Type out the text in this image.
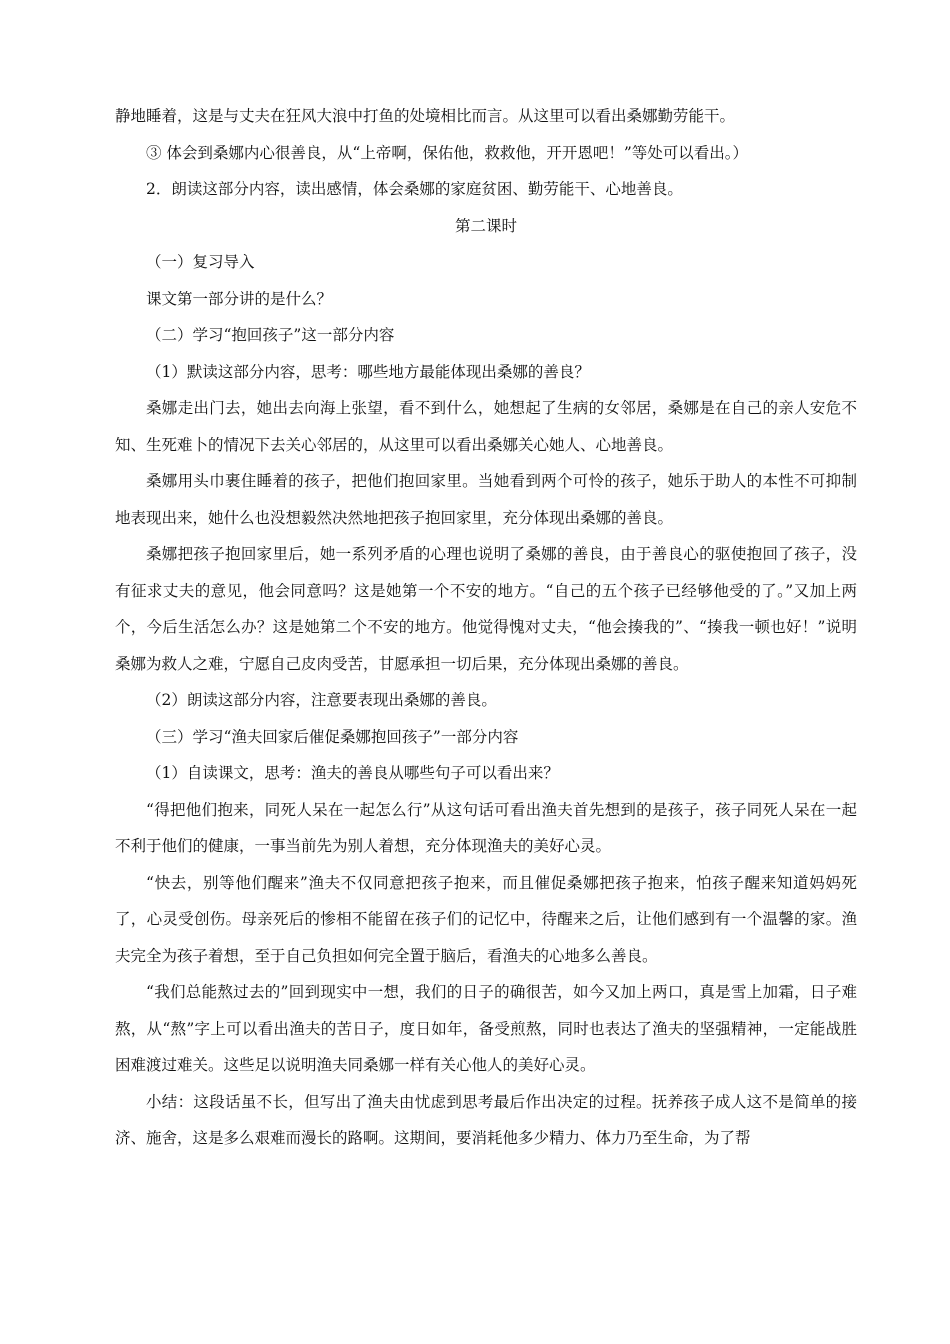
静地睡着，这是与丈夫在狂风大浪中打鱼的处境相比而言。从这里可以看出桑娜勤劳能干。

③ 体会到桑娜内心很善良，从“上帝啊，保佑他，救救他，开开恩吧！”等处可以看出。）

2．朗读这部分内容，读出感情，体会桑娜的家庭贫困、勤劳能干、心地善良。

第二课时

（一）复习导入

课文第一部分讲的是什么？

（二）学习“抱回孩子”这一部分内容

（1）默读这部分内容，思考：哪些地方最能体现出桑娜的善良？

桑娜走出门去，她出去向海上张望，看不到什么，她想起了生病的女邻居，桑娜是在自己的亲人安危不知、生死难卜的情况下去关心邻居的，从这里可以看出桑娜关心她人、心地善良。

桑娜用头巾裹住睡着的孩子，把他们抱回家里。当她看到两个可怜的孩子，她乐于助人的本性不可抑制地表现出来，她什么也没想毅然决然地把孩子抱回家里，充分体现出桑娜的善良。

桑娜把孩子抱回家里后，她一系列矛盾的心理也说明了桑娜的善良，由于善良心的驱使抱回了孩子，没有征求丈夫的意见，他会同意吗？这是她第一个不安的地方。“自己的五个孩子已经够他受的了。”又加上两个，今后生活怎么办？这是她第二个不安的地方。他觉得愧对丈夫，“他会揍我的”、“揍我一顿也好！”说明桑娜为救人之难，宁愿自己皮肉受苦，甘愿承担一切后果，充分体现出桑娜的善良。

（2）朗读这部分内容，注意要表现出桑娜的善良。

（三）学习“渔夫回家后催促桑娜抱回孩子”一部分内容

（1）自读课文，思考：渔夫的善良从哪些句子可以看出来？

“得把他们抱来，同死人呆在一起怎么行”从这句话可看出渔夫首先想到的是孩子，孩子同死人呆在一起不利于他们的健康，一事当前先为别人着想，充分体现渔夫的美好心灵。

“快去，别等他们醒来”渔夫不仅同意把孩子抱来，而且催促桑娜把孩子抱来，怕孩子醒来知道妈妈死了，心灵受创伤。母亲死后的惨相不能留在孩子们的记忆中，待醒来之后，让他们感到有一个温馨的家。渔夫完全为孩子着想，至于自己负担如何完全置于脑后，看渔夫的心地多么善良。

“我们总能熬过去的”回到现实中一想，我们的日子的确很苦，如今又加上两口，真是雪上加霜，日子难熬，从“熬”字上可以看出渔夫的苦日子，度日如年，备受煎熬，同时也表达了渔夫的坚强精神，一定能战胜困难渡过难关。这些足以说明渔夫同桑娜一样有关心他人的美好心灵。

小结：这段话虽不长，但写出了渔夫由忧虑到思考最后作出决定的过程。抚养孩子成人这不是简单的接济、施舍，这是多么艰难而漫长的路啊。这期间，要消耗他多少精力、体力乃至生命，为了帮
